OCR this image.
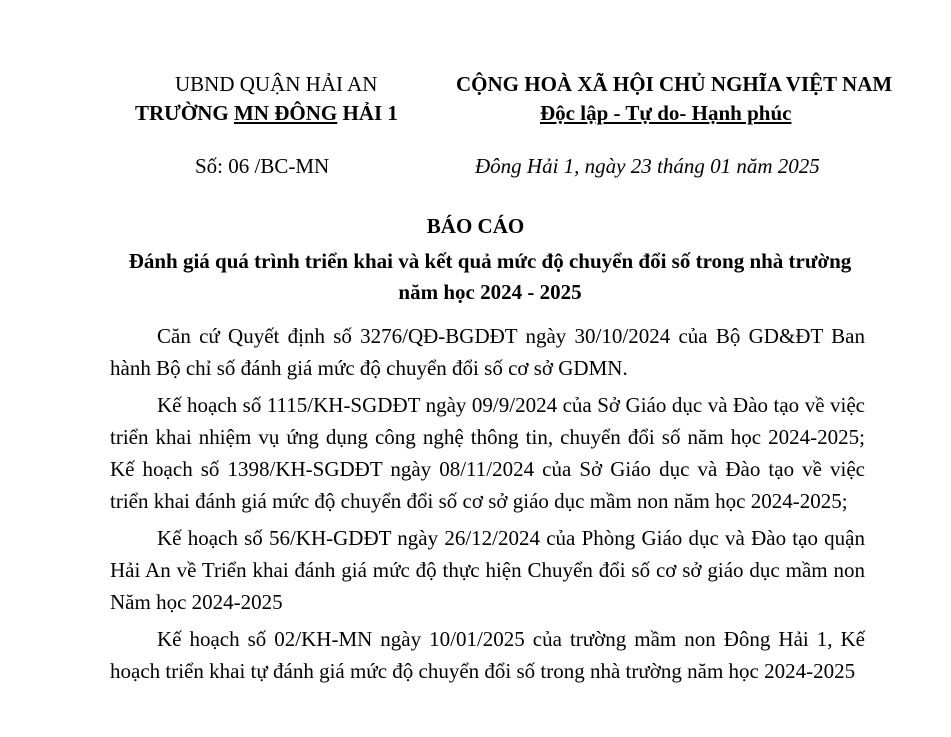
UBND QUẬN HẢI AN
TRƯỜNG MN ĐÔNG HẢI 1
CỘNG HOÀ XÃ HỘI CHỦ NGHĨA VIỆT NAM
Độc lập - Tự do- Hạnh phúc
Số: 06 /BC-MN	Đông Hải 1, ngày 23 tháng 01 năm 2025
BÁO CÁO
Đánh giá quá trình triển khai và kết quả mức độ chuyển đổi số trong nhà trường năm học 2024 - 2025

Căn cứ Quyết định số 3276/QĐ-BGDĐT ngày 30/10/2024 của Bộ GD&ĐT Ban hành Bộ chỉ số đánh giá mức độ chuyển đổi số cơ sở GDMN.

Kế hoạch số 1115/KH-SGDĐT ngày 09/9/2024 của Sở Giáo dục và Đào tạo về việc triển khai nhiệm vụ ứng dụng công nghệ thông tin, chuyển đổi số năm học 2024-2025; Kế hoạch số 1398/KH-SGDĐT ngày 08/11/2024 của Sở Giáo dục và Đào tạo về việc triển khai đánh giá mức độ chuyển đổi số cơ sở giáo dục mầm non năm học 2024-2025;

Kế hoạch số 56/KH-GDĐT ngày 26/12/2024 của Phòng Giáo dục và Đào tạo quận Hải An về Triển khai đánh giá mức độ thực hiện Chuyển đổi số cơ sở giáo dục mầm non Năm học 2024-2025

Kế hoạch số 02/KH-MN ngày 10/01/2025 của trường mầm non Đông Hải 1, Kế hoạch triển khai tự đánh giá mức độ chuyển đổi số trong nhà trường năm học 2024-2025
